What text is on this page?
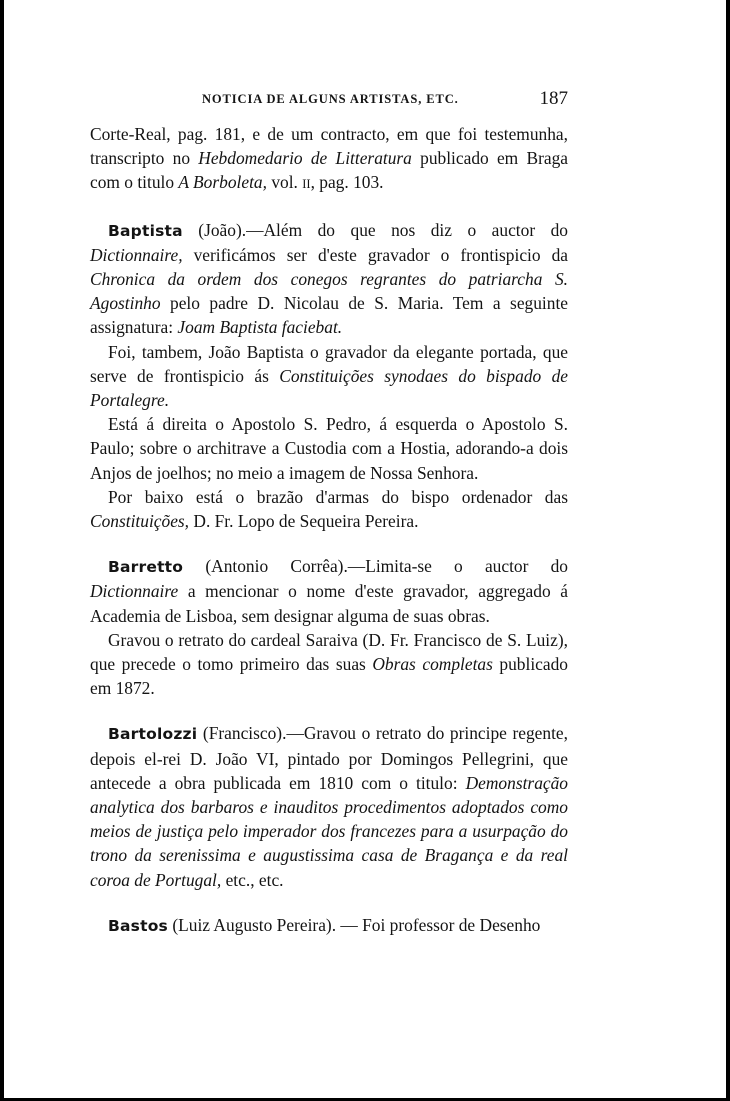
NOTICIA DE ALGUNS ARTISTAS, ETC.	187

Corte-Real, pag. 181, e de um contracto, em que foi testemunha, transcripto no Hebdomedario de Litteratura publicado em Braga com o titulo A Borboleta, vol. II, pag. 103.

Baptista (João).—Além do que nos diz o auctor do Dictionnaire, verificámos ser d'este gravador o frontispicio da Chronica da ordem dos conegos regrantes do patriarcha S. Agostinho pelo padre D. Nicolau de S. Maria. Tem a seguinte assignatura: Joam Baptista faciebat.

Foi, tambem, João Baptista o gravador da elegante portada, que serve de frontispicio ás Constituições synodaes do bispado de Portalegre.

Está á direita o Apostolo S. Pedro, á esquerda o Apostolo S. Paulo; sobre o architrave a Custodia com a Hostia, adorando-a dois Anjos de joelhos; no meio a imagem de Nossa Senhora.

Por baixo está o brazão d'armas do bispo ordenador das Constituições, D. Fr. Lopo de Sequeira Pereira.

Barretto (Antonio Corrêa).—Limita-se o auctor do Dictionnaire a mencionar o nome d'este gravador, aggregado á Academia de Lisboa, sem designar alguma de suas obras.

Gravou o retrato do cardeal Saraiva (D. Fr. Francisco de S. Luiz), que precede o tomo primeiro das suas Obras completas publicado em 1872.

Bartolozzi (Francisco).—Gravou o retrato do principe regente, depois el-rei D. João VI, pintado por Domingos Pellegrini, que antecede a obra publicada em 1810 com o titulo: Demonstração analytica dos barbaros e inauditos procedimentos adoptados como meios de justiça pelo imperador dos francezes para a usurpação do trono da serenissima e augustissima casa de Bragança e da real coroa de Portugal, etc., etc.

Bastos (Luiz Augusto Pereira). — Foi professor de Desenho
